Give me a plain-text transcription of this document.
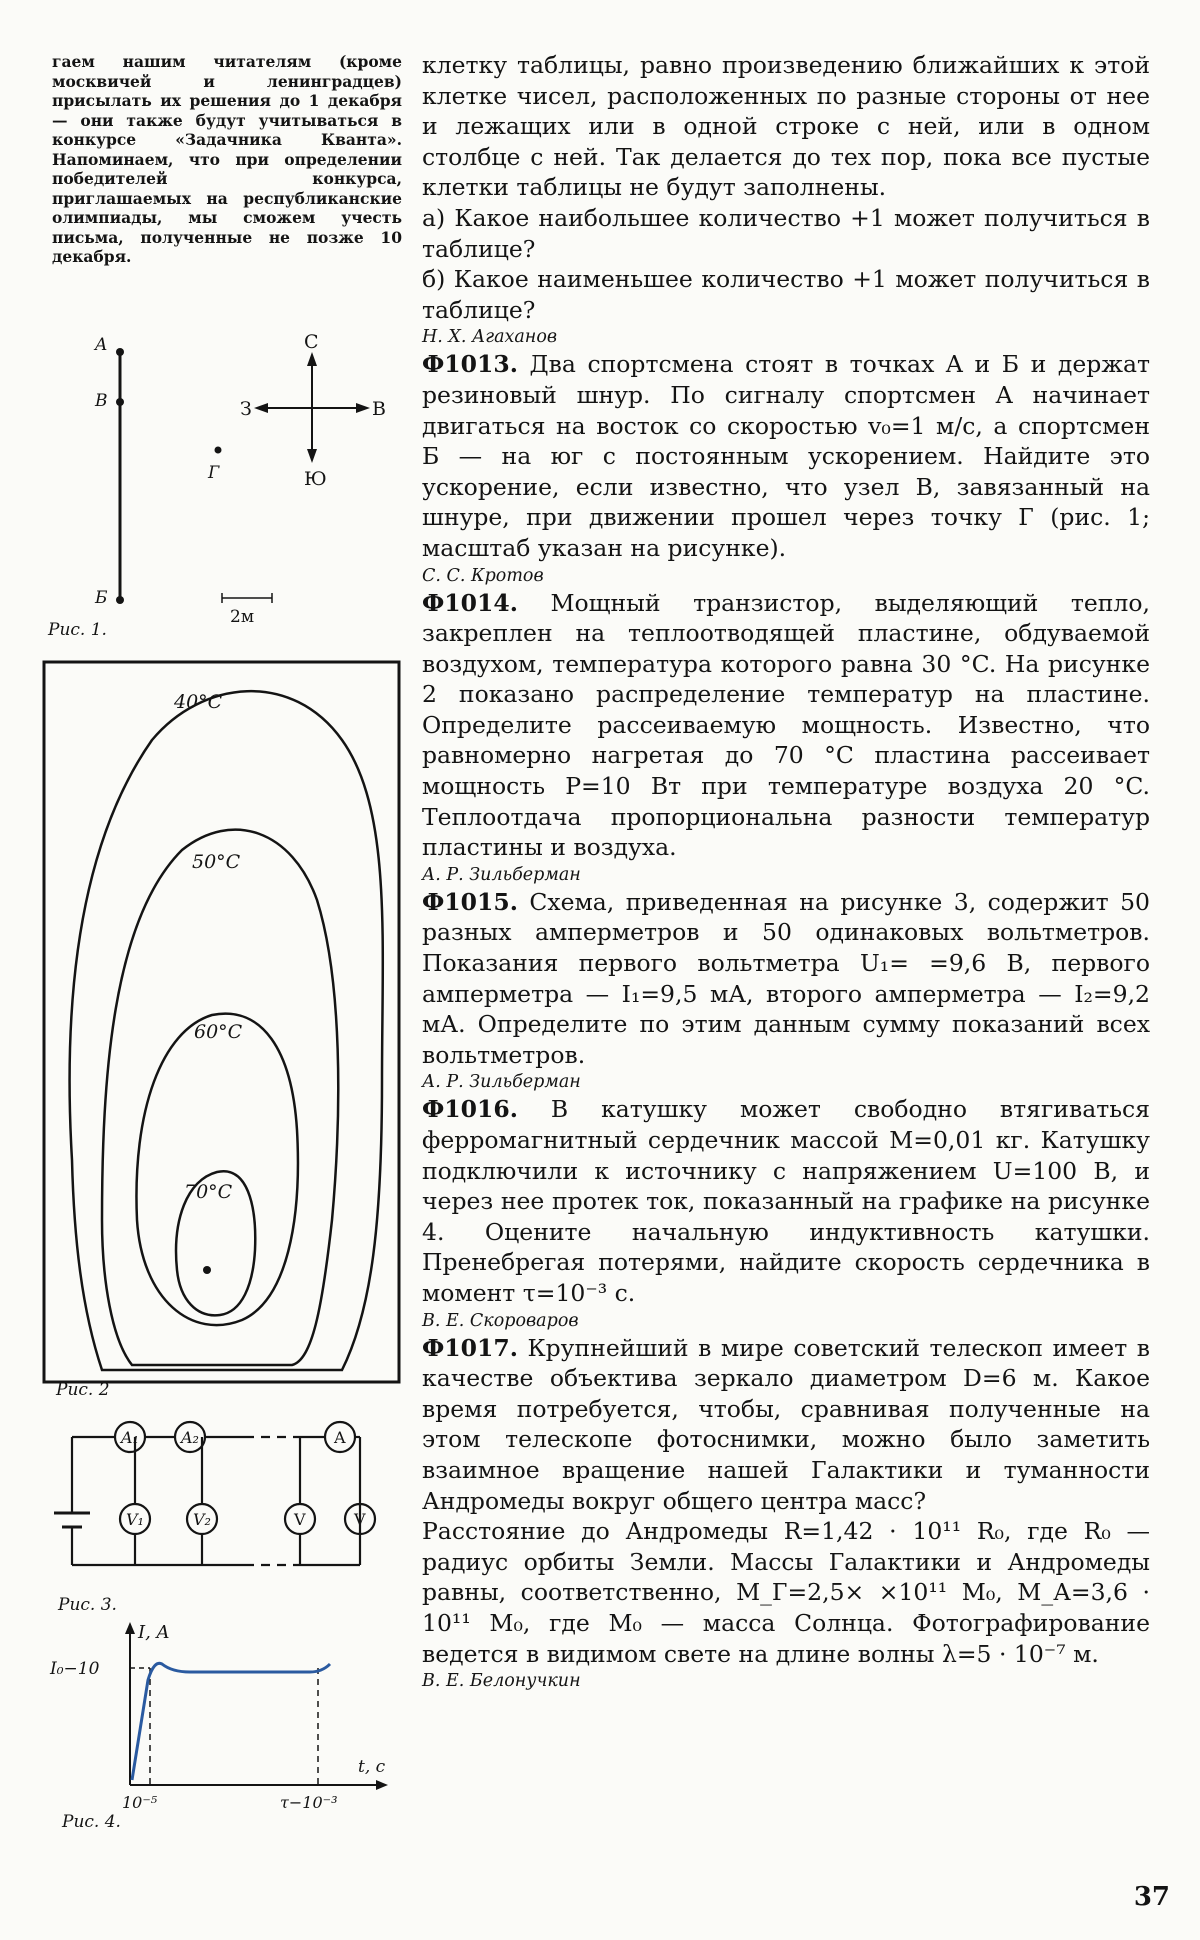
гаем нашим читателям (кроме москвичей и ленинградцев) присылать их решения до 1 декабря — они также будут учитываться в конкурсе «Задачника Кванта». Напоминаем, что при определении победителей конкурса, приглашаемых на республиканские олимпиады, мы сможем учесть письма, полученные не позже 10 декабря.

A
B
Б
Г
С
Ю
З	В
2м
Рис. 1.
40°C
50°C
60°C
70°C
Рис. 2
A₁	A₂	A
V₁	V₂	V	V
Рис. 3.
I, A
I₀−10
t, c
10⁻⁵	τ−10⁻³
Рис. 4.

клетку таблицы, равно произведению ближайших к этой клетке чисел, расположенных по разные стороны от нее и лежащих или в одной строке с ней, или в одном столбце с ней. Так делается до тех пор, пока все пустые клетки таблицы не будут заполнены.

а) Какое наибольшее количество +1 может получиться в таблице?

б) Какое наименьшее количество +1 может получиться в таблице?

Н. Х. Агаханов

Ф1013. Два спортсмена стоят в точках A и Б и держат резиновый шнур. По сигналу спортсмен A начинает двигаться на восток со скоростью v₀=1 м/с, а спортсмен Б — на юг с постоянным ускорением. Найдите это ускорение, если известно, что узел B, завязанный на шнуре, при движении прошел через точку Г (рис. 1; масштаб указан на рисунке).

С. С. Кротов

Ф1014. Мощный транзистор, выделяющий тепло, закреплен на теплоотводящей пластине, обдуваемой воздухом, температура которого равна 30 °C. На рисунке 2 показано распределение температур на пластине. Определите рассеиваемую мощность. Известно, что равномерно нагретая до 70 °C пластина рассеивает мощность P=10 Вт при температуре воздуха 20 °C. Теплоотдача пропорциональна разности температур пластины и воздуха.

А. Р. Зильберман

Ф1015. Схема, приведенная на рисунке 3, содержит 50 разных амперметров и 50 одинаковых вольтметров. Показания первого вольтметра U₁= =9,6 В, первого амперметра — I₁=9,5 мА, второго амперметра — I₂=9,2 мА. Определите по этим данным сумму показаний всех вольтметров.

А. Р. Зильберман

Ф1016. В катушку может свободно втягиваться ферромагнитный сердечник массой M=0,01 кг. Катушку подключили к источнику с напряжением U=100 В, и через нее протек ток, показанный на графике на рисунке 4. Оцените начальную индуктивность катушки. Пренебрегая потерями, найдите скорость сердечника в момент τ=10⁻³ с.

В. Е. Скороваров

Ф1017. Крупнейший в мире советский телескоп имеет в качестве объектива зеркало диаметром D=6 м. Какое время потребуется, чтобы, сравнивая полученные на этом телескопе фотоснимки, можно было заметить взаимное вращение нашей Галактики и туманности Андромеды вокруг общего центра масс?

Расстояние до Андромеды R=1,42 · 10¹¹ R₀, где R₀ — радиус орбиты Земли. Массы Галактики и Андромеды равны, соответственно, M_Г=2,5× ×10¹¹ M₀, M_А=3,6 · 10¹¹ M₀, где M₀ — масса Солнца. Фотографирование ведется в видимом свете на длине волны λ=5 · 10⁻⁷ м.

В. Е. Белонучкин

37
